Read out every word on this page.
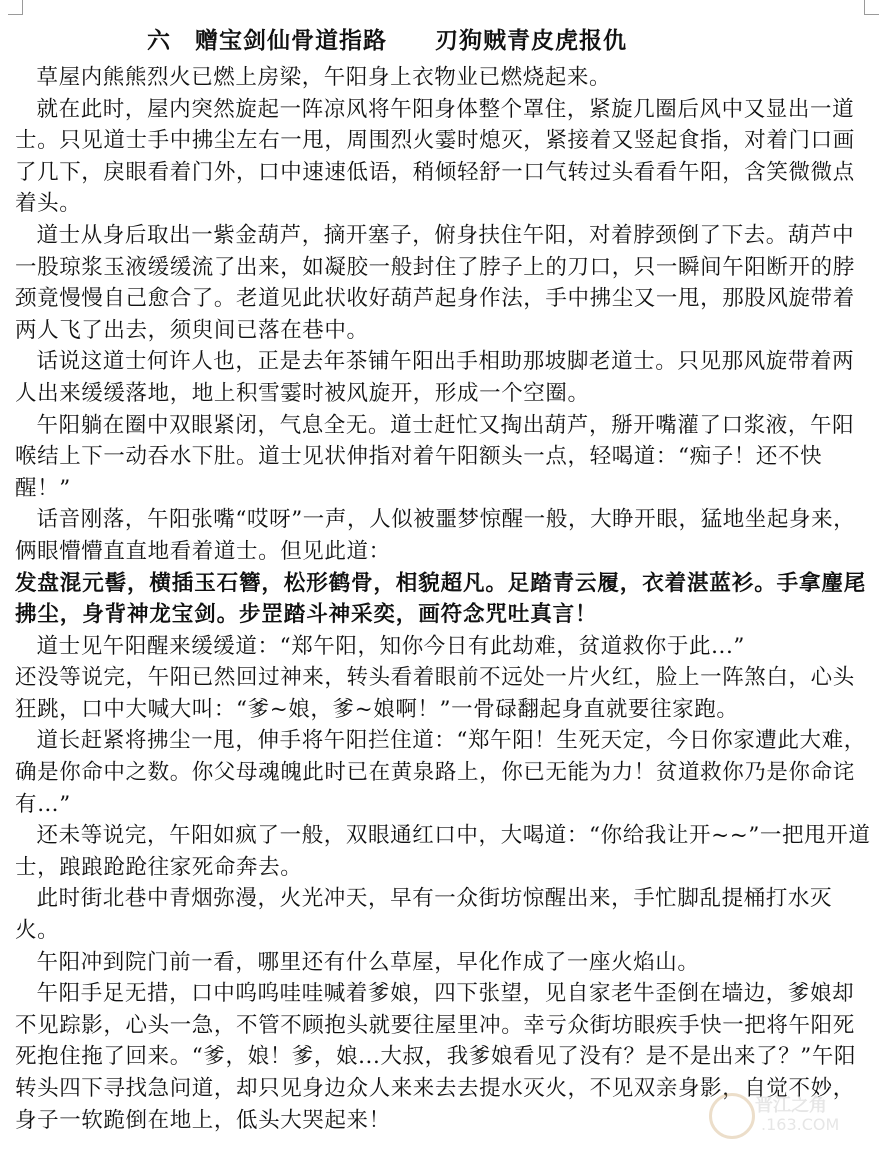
六　赠宝剑仙骨道指路　　刃狗贼青皮虎报仇

草屋内熊熊烈火已燃上房梁，午阳身上衣物业已燃烧起来。

就在此时，屋内突然旋起一阵凉风将午阳身体整个罩住，紧旋几圈后风中又显出一道士。只见道士手中拂尘左右一甩，周围烈火霎时熄灭，紧接着又竖起食指，对着门口画了几下，戾眼看着门外，口中速速低语，稍倾轻舒一口气转过头看看午阳，含笑微微点着头。

道士从身后取出一紫金葫芦，摘开塞子，俯身扶住午阳，对着脖颈倒了下去。葫芦中一股琼浆玉液缓缓流了出来，如凝胶一般封住了脖子上的刀口，只一瞬间午阳断开的脖颈竟慢慢自己愈合了。老道见此状收好葫芦起身作法，手中拂尘又一甩，那股风旋带着两人飞了出去，须臾间已落在巷中。

话说这道士何许人也，正是去年茶铺午阳出手相助那坡脚老道士。只见那风旋带着两人出来缓缓落地，地上积雪霎时被风旋开，形成一个空圈。

午阳躺在圈中双眼紧闭，气息全无。道士赶忙又掏出葫芦，掰开嘴灌了口浆液，午阳喉结上下一动吞水下肚。道士见状伸指对着午阳额头一点，轻喝道：“痴子！还不快醒！”

话音刚落，午阳张嘴“哎呀”一声，人似被噩梦惊醒一般，大睁开眼，猛地坐起身来，俩眼懵懵直直地看着道士。但见此道：

发盘混元髻，横插玉石簪，松形鹤骨，相貌超凡。足踏青云履，衣着湛蓝衫。手拿麈尾拂尘，身背神龙宝剑。步罡踏斗神采奕，画符念咒吐真言！

道士见午阳醒来缓缓道：“郑午阳，知你今日有此劫难，贫道救你于此...”

还没等说完，午阳已然回过神来，转头看着眼前不远处一片火红，脸上一阵煞白，心头狂跳，口中大喊大叫：“爹~娘，爹~娘啊！”一骨碌翻起身直就要往家跑。

道长赶紧将拂尘一甩，伸手将午阳拦住道：“郑午阳！生死天定，今日你家遭此大难，确是你命中之数。你父母魂魄此时已在黄泉路上，你已无能为力！贫道救你乃是你命诧有…”

还未等说完，午阳如疯了一般，双眼通红口中，大喝道：“你给我让开~~”一把甩开道士，踉踉跄跄往家死命奔去。

此时街北巷中青烟弥漫，火光冲天，早有一众街坊惊醒出来，手忙脚乱提桶打水灭火。

午阳冲到院门前一看，哪里还有什么草屋，早化作成了一座火焰山。

午阳手足无措，口中呜呜哇哇喊着爹娘，四下张望，见自家老牛歪倒在墙边，爹娘却不见踪影，心头一急，不管不顾抱头就要往屋里冲。幸亏众街坊眼疾手快一把将午阳死死抱住拖了回来。“爹，娘！爹，娘...大叔，我爹娘看见了没有？是不是出来了？”午阳转头四下寻找急问道，却只见身边众人来来去去提水灭火，不见双亲身影，自觉不妙，身子一软跪倒在地上，低头大哭起来！

晋江之角
.163.COM
